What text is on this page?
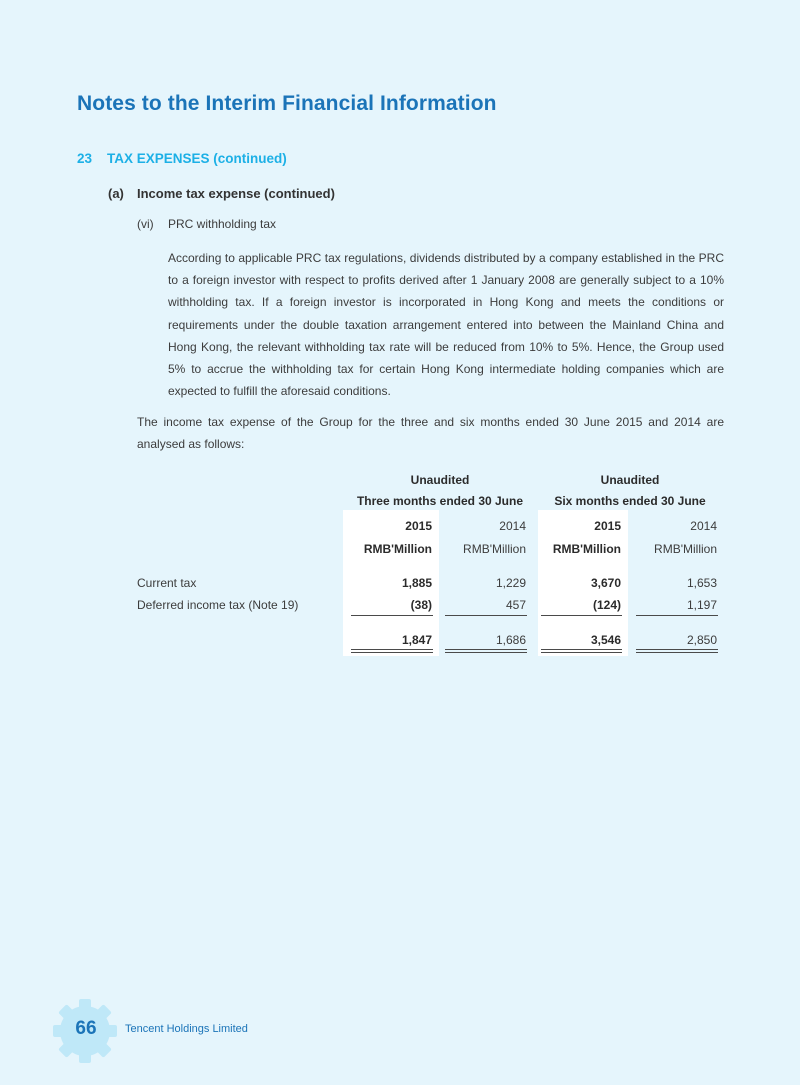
Notes to the Interim Financial Information
23 TAX EXPENSES (continued)
(a) Income tax expense (continued)
(vi) PRC withholding tax
According to applicable PRC tax regulations, dividends distributed by a company established in the PRC to a foreign investor with respect to profits derived after 1 January 2008 are generally subject to a 10% withholding tax. If a foreign investor is incorporated in Hong Kong and meets the conditions or requirements under the double taxation arrangement entered into between the Mainland China and Hong Kong, the relevant withholding tax rate will be reduced from 10% to 5%. Hence, the Group used 5% to accrue the withholding tax for certain Hong Kong intermediate holding companies which are expected to fulfill the aforesaid conditions.
The income tax expense of the Group for the three and six months ended 30 June 2015 and 2014 are analysed as follows:
Unaudited
Three months ended 30 June
Unaudited
Six months ended 30 June
2015	2014	2015	2014
RMB'Million	RMB'Million	RMB'Million	RMB'Million
Current tax	1,885	1,229	3,670	1,653
Deferred income tax (Note 19)	(38)	457	(124)	1,197
1,847	1,686	3,546	2,850
66	Tencent Holdings Limited
